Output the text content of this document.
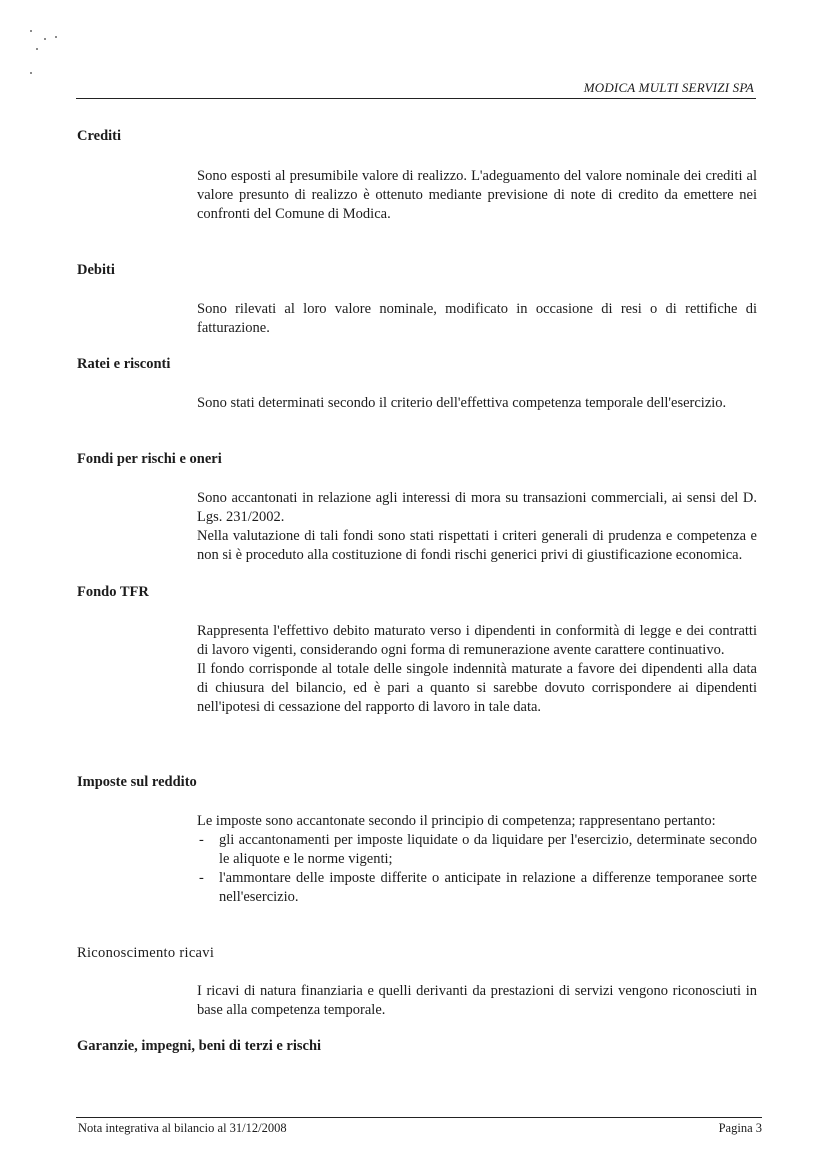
MODICA MULTI SERVIZI SPA
Crediti

Sono esposti al presumibile valore di realizzo. L'adeguamento del valore nominale dei crediti al valore presunto di realizzo è ottenuto mediante previsione di note di credito da emettere nei confronti del Comune di Modica.

Debiti

Sono rilevati al loro valore nominale, modificato in occasione di resi o di rettifiche di fatturazione.

Ratei e risconti

Sono stati determinati secondo il criterio dell'effettiva competenza temporale dell'esercizio.

Fondi per rischi e oneri

Sono accantonati in relazione agli interessi di mora su transazioni commerciali, ai sensi del D. Lgs. 231/2002.

Nella valutazione di tali fondi sono stati rispettati i criteri generali di prudenza e competenza e non si è proceduto alla costituzione di fondi rischi generici privi di giustificazione economica.

Fondo TFR

Rappresenta l'effettivo debito maturato verso i dipendenti in conformità di legge e dei contratti di lavoro vigenti, considerando ogni forma di remunerazione avente carattere continuativo.

Il fondo corrisponde al totale delle singole indennità maturate a favore dei dipendenti alla data di chiusura del bilancio, ed è pari a quanto si sarebbe dovuto corrispondere ai dipendenti nell'ipotesi di cessazione del rapporto di lavoro in tale data.

Imposte sul reddito

Le imposte sono accantonate secondo il principio di competenza; rappresentano pertanto:

- gli accantonamenti per imposte liquidate o da liquidare per l'esercizio, determinate secondo le aliquote e le norme vigenti;
- l'ammontare delle imposte differite o anticipate in relazione a differenze temporanee sorte nell'esercizio.
Riconoscimento ricavi

I ricavi di natura finanziaria e quelli derivanti da prestazioni di servizi vengono riconosciuti in base alla competenza temporale.

Garanzie, impegni, beni di terzi e rischi
Nota integrativa al bilancio al 31/12/2008	Pagina 3
